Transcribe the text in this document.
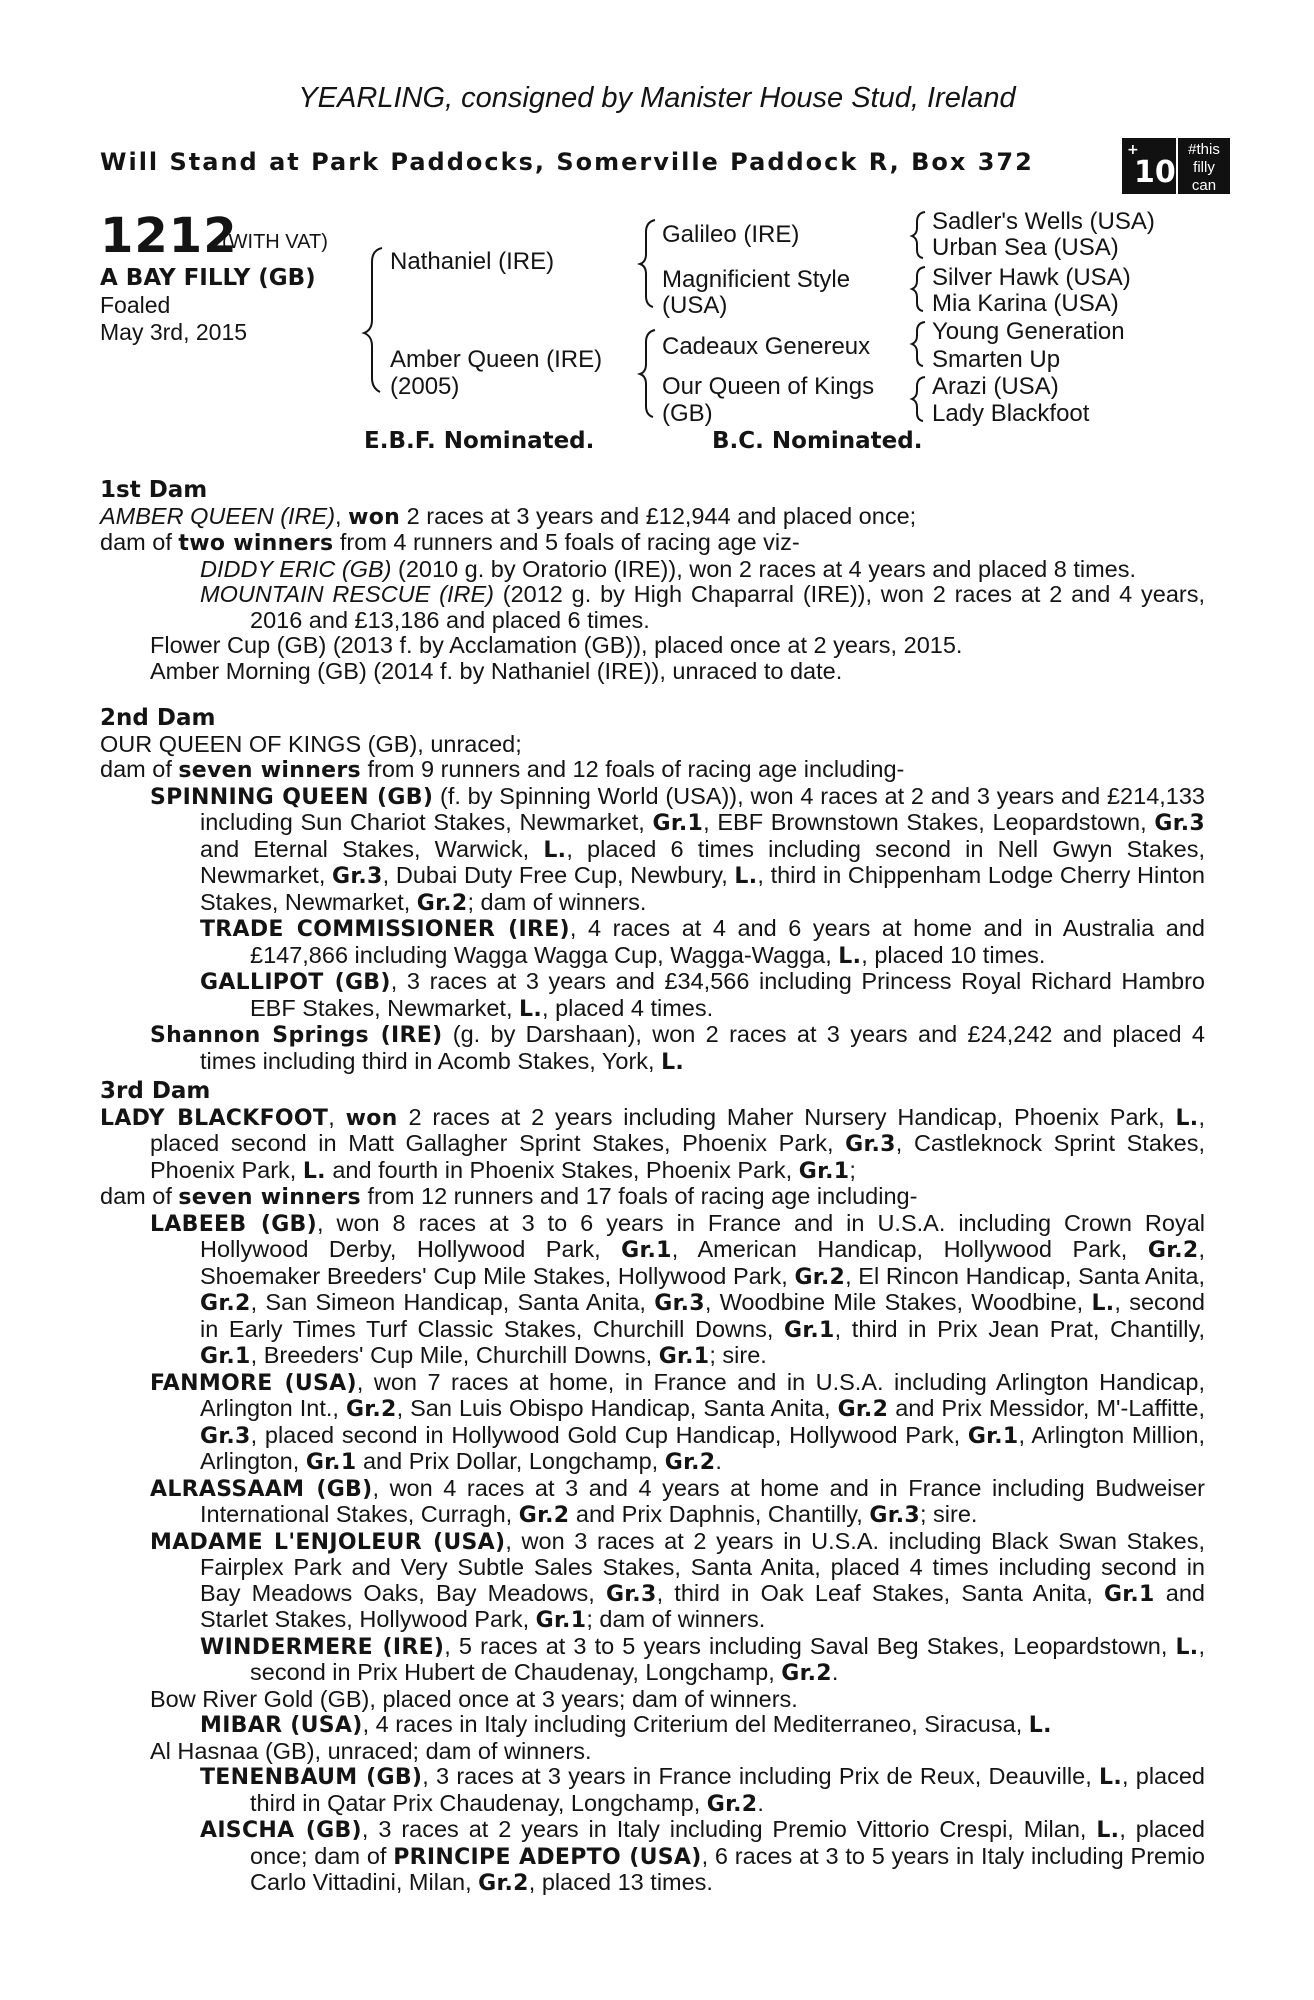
YEARLING, consigned by Manister House Stud, Ireland
Will Stand at Park Paddocks, Somerville Paddock R, Box 372	+
10
#this
filly
can
1212
(WITH VAT)
A BAY FILLY (GB)
Foaled
May 3rd, 2015
Nathaniel (IRE)
Amber Queen (IRE)
(2005)
Galileo (IRE)
Magnificient Style
(USA)
Cadeaux Genereux
Our Queen of Kings
(GB)
Sadler's Wells (USA)
Urban Sea (USA)
Silver Hawk (USA)
Mia Karina (USA)
Young Generation
Smarten Up
Arazi (USA)
Lady Blackfoot
E.B.F. Nominated.	B.C. Nominated.
1st Dam
AMBER QUEEN (IRE), won 2 races at 3 years and £12,944 and placed once;
dam of two winners from 4 runners and 5 foals of racing age viz-
DIDDY ERIC (GB) (2010 g. by Oratorio (IRE)), won 2 races at 4 years and placed 8 times.
MOUNTAIN RESCUE (IRE) (2012 g. by High Chaparral (IRE)), won 2 races at 2 and 4 years, 2016 and £13,186 and placed 6 times.
Flower Cup (GB) (2013 f. by Acclamation (GB)), placed once at 2 years, 2015.
Amber Morning (GB) (2014 f. by Nathaniel (IRE)), unraced to date.
2nd Dam
OUR QUEEN OF KINGS (GB), unraced;
dam of seven winners from 9 runners and 12 foals of racing age including-
SPINNING QUEEN (GB) (f. by Spinning World (USA)), won 4 races at 2 and 3 years and £214,133 including Sun Chariot Stakes, Newmarket, Gr.1, EBF Brownstown Stakes, Leopardstown, Gr.3 and Eternal Stakes, Warwick, L., placed 6 times including second in Nell Gwyn Stakes, Newmarket, Gr.3, Dubai Duty Free Cup, Newbury, L., third in Chippenham Lodge Cherry Hinton Stakes, Newmarket, Gr.2; dam of winners.
TRADE COMMISSIONER (IRE), 4 races at 4 and 6 years at home and in Australia and £147,866 including Wagga Wagga Cup, Wagga-Wagga, L., placed 10 times.
GALLIPOT (GB), 3 races at 3 years and £34,566 including Princess Royal Richard Hambro EBF Stakes, Newmarket, L., placed 4 times.
Shannon Springs (IRE) (g. by Darshaan), won 2 races at 3 years and £24,242 and placed 4 times including third in Acomb Stakes, York, L.
3rd Dam
LADY BLACKFOOT, won 2 races at 2 years including Maher Nursery Handicap, Phoenix Park, L., placed second in Matt Gallagher Sprint Stakes, Phoenix Park, Gr.3, Castleknock Sprint Stakes, Phoenix Park, L. and fourth in Phoenix Stakes, Phoenix Park, Gr.1;
dam of seven winners from 12 runners and 17 foals of racing age including-
LABEEB (GB), won 8 races at 3 to 6 years in France and in U.S.A. including Crown Royal Hollywood Derby, Hollywood Park, Gr.1, American Handicap, Hollywood Park, Gr.2, Shoemaker Breeders' Cup Mile Stakes, Hollywood Park, Gr.2, El Rincon Handicap, Santa Anita, Gr.2, San Simeon Handicap, Santa Anita, Gr.3, Woodbine Mile Stakes, Woodbine, L., second in Early Times Turf Classic Stakes, Churchill Downs, Gr.1, third in Prix Jean Prat, Chantilly, Gr.1, Breeders' Cup Mile, Churchill Downs, Gr.1; sire.
FANMORE (USA), won 7 races at home, in France and in U.S.A. including Arlington Handicap, Arlington Int., Gr.2, San Luis Obispo Handicap, Santa Anita, Gr.2 and Prix Messidor, M'-Laffitte, Gr.3, placed second in Hollywood Gold Cup Handicap, Hollywood Park, Gr.1, Arlington Million, Arlington, Gr.1 and Prix Dollar, Longchamp, Gr.2.
ALRASSAAM (GB), won 4 races at 3 and 4 years at home and in France including Budweiser International Stakes, Curragh, Gr.2 and Prix Daphnis, Chantilly, Gr.3; sire.
MADAME L'ENJOLEUR (USA), won 3 races at 2 years in U.S.A. including Black Swan Stakes, Fairplex Park and Very Subtle Sales Stakes, Santa Anita, placed 4 times including second in Bay Meadows Oaks, Bay Meadows, Gr.3, third in Oak Leaf Stakes, Santa Anita, Gr.1 and Starlet Stakes, Hollywood Park, Gr.1; dam of winners.
WINDERMERE (IRE), 5 races at 3 to 5 years including Saval Beg Stakes, Leopardstown, L., second in Prix Hubert de Chaudenay, Longchamp, Gr.2.
Bow River Gold (GB), placed once at 3 years; dam of winners.
MIBAR (USA), 4 races in Italy including Criterium del Mediterraneo, Siracusa, L.
Al Hasnaa (GB), unraced; dam of winners.
TENENBAUM (GB), 3 races at 3 years in France including Prix de Reux, Deauville, L., placed third in Qatar Prix Chaudenay, Longchamp, Gr.2.
AISCHA (GB), 3 races at 2 years in Italy including Premio Vittorio Crespi, Milan, L., placed once; dam of PRINCIPE ADEPTO (USA), 6 races at 3 to 5 years in Italy including Premio Carlo Vittadini, Milan, Gr.2, placed 13 times.
